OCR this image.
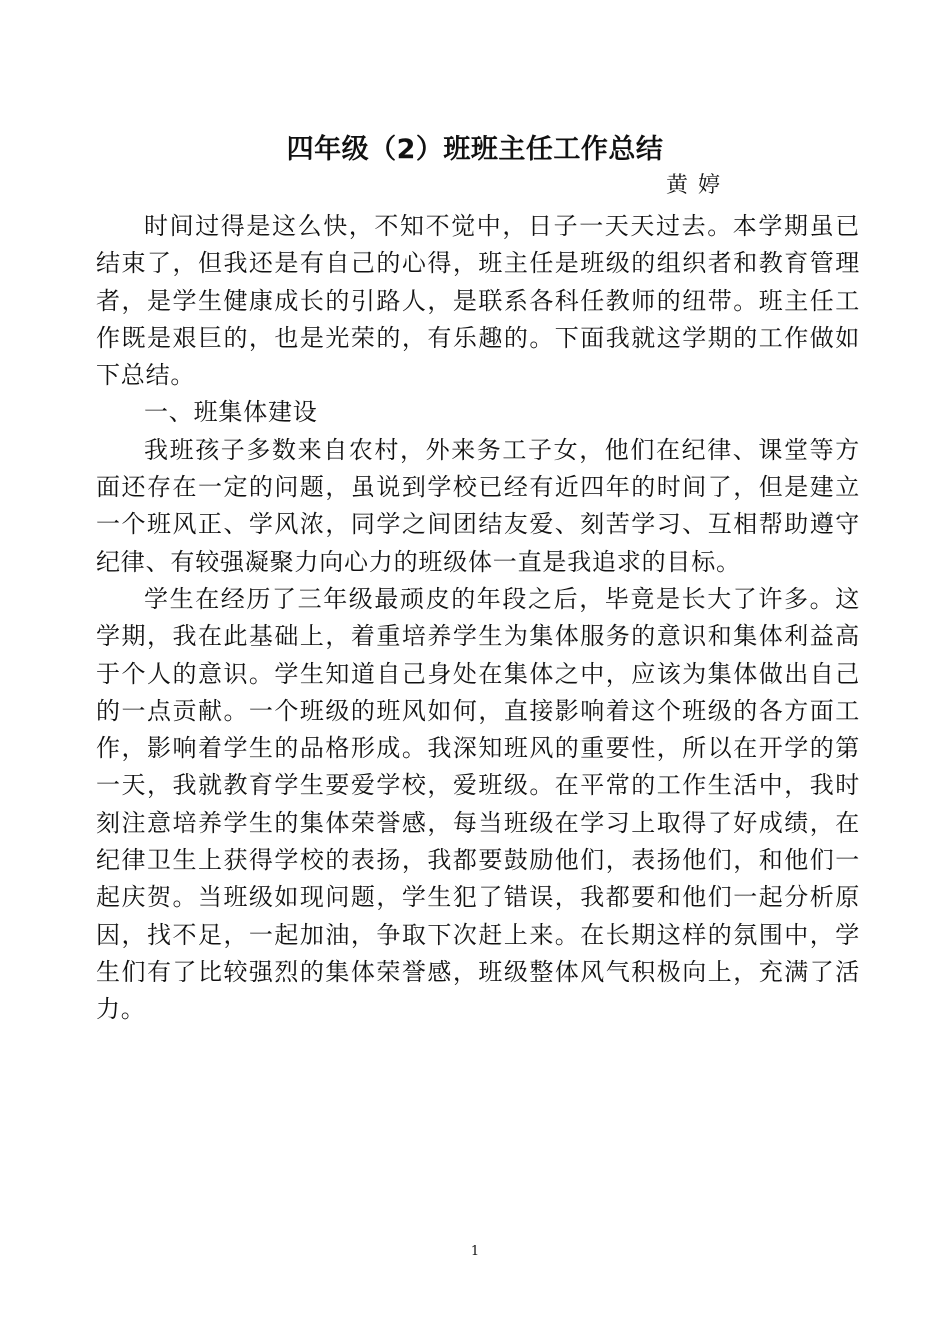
四年级（2）班班主任工作总结
黄婷

时间过得是这么快，不知不觉中，日子一天天过去。本学期虽已结束了，但我还是有自己的心得，班主任是班级的组织者和教育管理者，是学生健康成长的引路人，是联系各科任教师的纽带。班主任工作既是艰巨的，也是光荣的，有乐趣的。下面我就这学期的工作做如下总结。

一、班集体建设

我班孩子多数来自农村，外来务工子女，他们在纪律、课堂等方面还存在一定的问题，虽说到学校已经有近四年的时间了，但是建立一个班风正、学风浓，同学之间团结友爱、刻苦学习、互相帮助遵守纪律、有较强凝聚力向心力的班级体一直是我追求的目标。

学生在经历了三年级最顽皮的年段之后，毕竟是长大了许多。这学期，我在此基础上，着重培养学生为集体服务的意识和集体利益高于个人的意识。学生知道自己身处在集体之中，应该为集体做出自己的一点贡献。一个班级的班风如何，直接影响着这个班级的各方面工作，影响着学生的品格形成。我深知班风的重要性，所以在开学的第一天，我就教育学生要爱学校，爱班级。在平常的工作生活中，我时刻注意培养学生的集体荣誉感，每当班级在学习上取得了好成绩，在纪律卫生上获得学校的表扬，我都要鼓励他们，表扬他们，和他们一起庆贺。当班级如现问题，学生犯了错误，我都要和他们一起分析原因，找不足，一起加油，争取下次赶上来。在长期这样的氛围中，学生们有了比较强烈的集体荣誉感，班级整体风气积极向上，充满了活力。

1
